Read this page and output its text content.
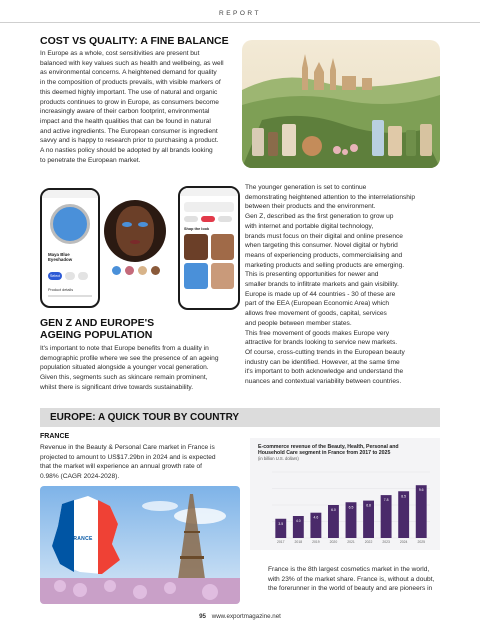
REPORT
COST VS QUALITY: A FINE BALANCE

In Europe as a whole, cost sensitivities are present but

balanced with key values such as health and wellbeing, as well

as environmental concerns. A heightened demand for quality

in the composition of products prevails, with visible markers of

this deemed highly important. The use of natural and organic

products continues to grow in Europe, as consumers become

increasingly aware of their carbon footprint, environmental

impact and the health qualities that can be found in natural

and active ingredients. The European consumer is ingredient

savvy and is happy to research prior to purchasing a product.

A no nasties policy should be adopted by all brands looking

to penetrate the European market.

Maya Blue Eyeshadow
Select
Product details
Shop the look
GEN Z AND EUROPE'S
AGEING POPULATION

It's important to note that Europe benefits from a duality in

demographic profile where we see the presence of an ageing

population situated alongside a younger vocal generation.

Given this, segments such as skincare remain prominent,

whilst there is significant drive towards sustainability.

The younger generation is set to continue

demonstrating heightened attention to the interrelationship

between their products and the environment.

Gen Z, described as the first generation to grow up

with internet and portable digital technology,

brands must focus on their digital and online presence

when targeting this consumer. Novel digital or hybrid

means of experiencing products, commercialising and

marketing products and selling products are emerging.

This is presenting opportunities for newer and

smaller brands to infiltrate markets and gain visibility.

Europe is made up of 44 countries - 30 of these are

part of the EEA (European Economic Area) which

allows free movement of goods, capital, services

and people between member states.

This free movement of goods makes Europe very

attractive for brands looking to service new markets.

Of course, cross-cutting trends in the European beauty

industry can be identified. However, at the same time

it's important to both acknowledge and understand the

nuances and contextual variability between countries.

EUROPE: A QUICK TOUR BY COUNTRY
FRANCE

Revenue in the Beauty & Personal Care market in France is

projected to amount to US$17.29bn in 2024 and is expected

that the market will experience an annual growth rate of

0.98% (CAGR 2024-2028).

FRANCE
E-commerce revenue of the Beauty, Health, Personal and
Household Care segment in France from 2017 to 2025
(in billion U.S. dollars)
3.5
2017
4.0
2018
4.6
2019
6.0
2020
6.5
2021
6.8
2022
7.8
2023
8.5
2024
9.6
2025

France is the 8th largest cosmetics market in the world,

with 23% of the market share. France is, without a doubt,

the forerunner in the world of beauty and are pioneers in

95 www.exportmagazine.net
